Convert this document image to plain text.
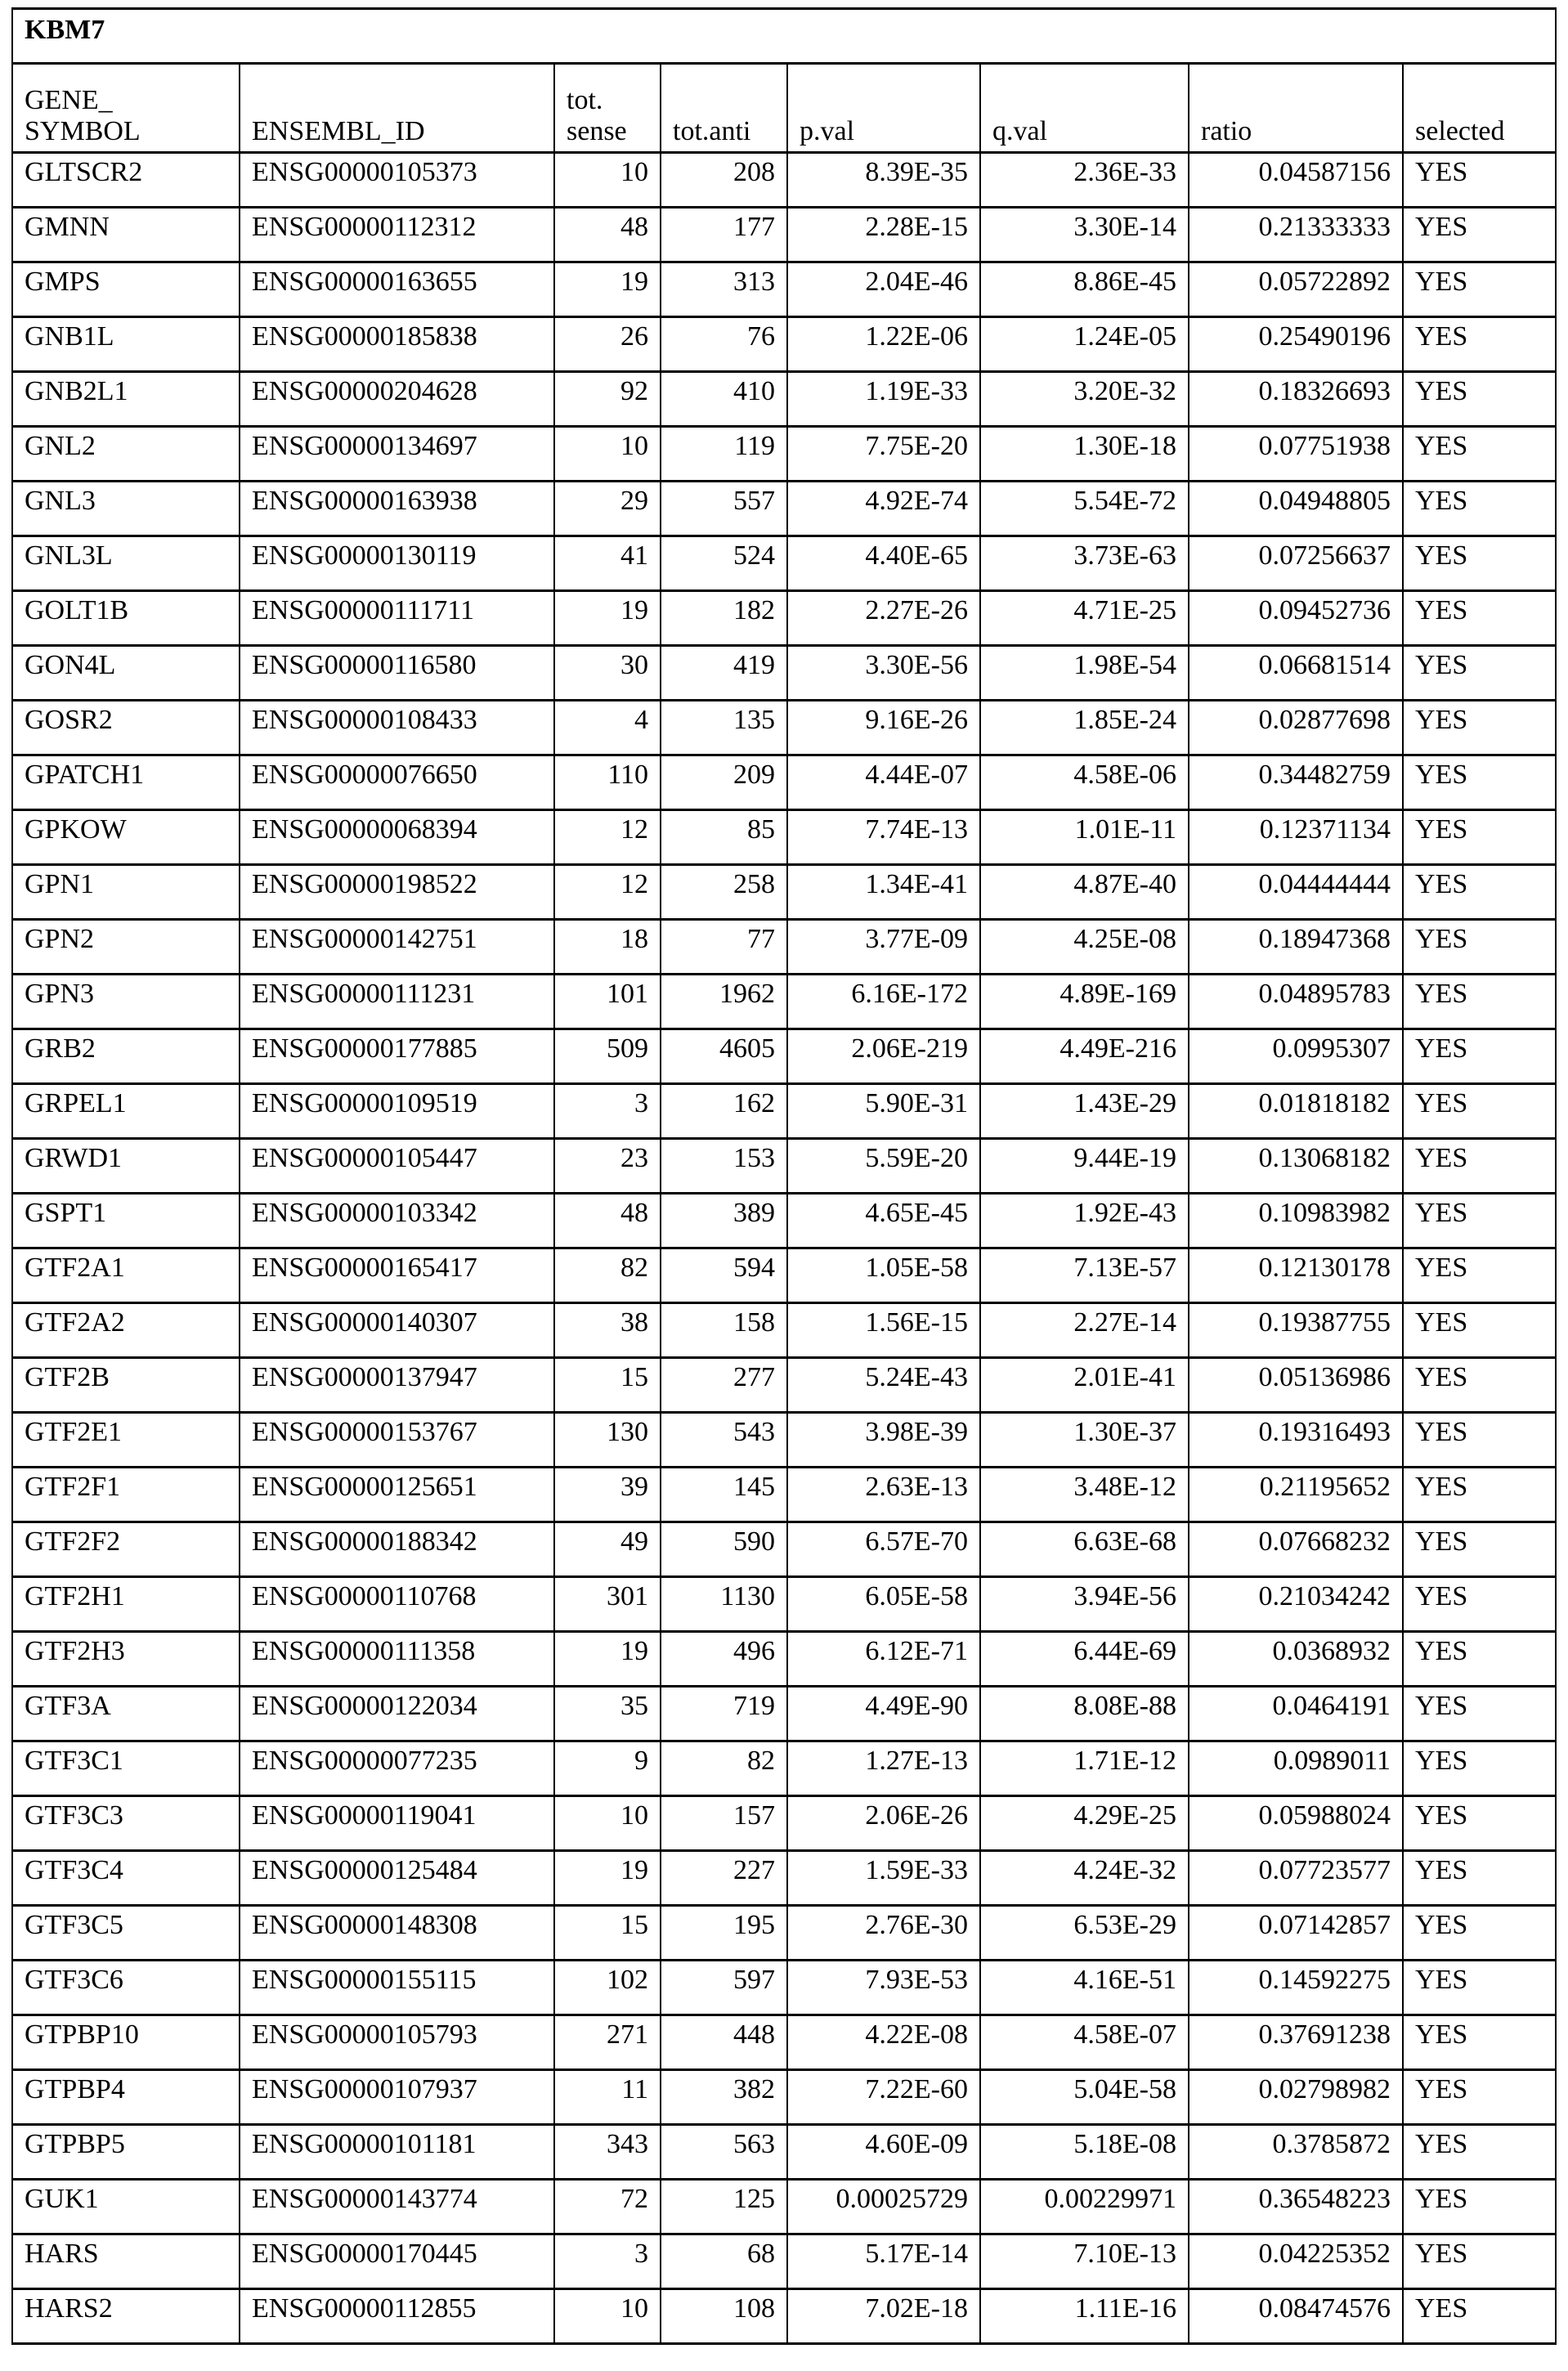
KBM7
GENE_ SYMBOL	ENSEMBL_ID	tot. sense	tot.anti	p.val	q.val	ratio	selected
GLTSCR2	ENSG00000105373	10	208	8.39E-35	2.36E-33	0.04587156	YES
GMNN	ENSG00000112312	48	177	2.28E-15	3.30E-14	0.21333333	YES
GMPS	ENSG00000163655	19	313	2.04E-46	8.86E-45	0.05722892	YES
GNB1L	ENSG00000185838	26	76	1.22E-06	1.24E-05	0.25490196	YES
GNB2L1	ENSG00000204628	92	410	1.19E-33	3.20E-32	0.18326693	YES
GNL2	ENSG00000134697	10	119	7.75E-20	1.30E-18	0.07751938	YES
GNL3	ENSG00000163938	29	557	4.92E-74	5.54E-72	0.04948805	YES
GNL3L	ENSG00000130119	41	524	4.40E-65	3.73E-63	0.07256637	YES
GOLT1B	ENSG00000111711	19	182	2.27E-26	4.71E-25	0.09452736	YES
GON4L	ENSG00000116580	30	419	3.30E-56	1.98E-54	0.06681514	YES
GOSR2	ENSG00000108433	4	135	9.16E-26	1.85E-24	0.02877698	YES
GPATCH1	ENSG00000076650	110	209	4.44E-07	4.58E-06	0.34482759	YES
GPKOW	ENSG00000068394	12	85	7.74E-13	1.01E-11	0.12371134	YES
GPN1	ENSG00000198522	12	258	1.34E-41	4.87E-40	0.04444444	YES
GPN2	ENSG00000142751	18	77	3.77E-09	4.25E-08	0.18947368	YES
GPN3	ENSG00000111231	101	1962	6.16E-172	4.89E-169	0.04895783	YES
GRB2	ENSG00000177885	509	4605	2.06E-219	4.49E-216	0.0995307	YES
GRPEL1	ENSG00000109519	3	162	5.90E-31	1.43E-29	0.01818182	YES
GRWD1	ENSG00000105447	23	153	5.59E-20	9.44E-19	0.13068182	YES
GSPT1	ENSG00000103342	48	389	4.65E-45	1.92E-43	0.10983982	YES
GTF2A1	ENSG00000165417	82	594	1.05E-58	7.13E-57	0.12130178	YES
GTF2A2	ENSG00000140307	38	158	1.56E-15	2.27E-14	0.19387755	YES
GTF2B	ENSG00000137947	15	277	5.24E-43	2.01E-41	0.05136986	YES
GTF2E1	ENSG00000153767	130	543	3.98E-39	1.30E-37	0.19316493	YES
GTF2F1	ENSG00000125651	39	145	2.63E-13	3.48E-12	0.21195652	YES
GTF2F2	ENSG00000188342	49	590	6.57E-70	6.63E-68	0.07668232	YES
GTF2H1	ENSG00000110768	301	1130	6.05E-58	3.94E-56	0.21034242	YES
GTF2H3	ENSG00000111358	19	496	6.12E-71	6.44E-69	0.0368932	YES
GTF3A	ENSG00000122034	35	719	4.49E-90	8.08E-88	0.0464191	YES
GTF3C1	ENSG00000077235	9	82	1.27E-13	1.71E-12	0.0989011	YES
GTF3C3	ENSG00000119041	10	157	2.06E-26	4.29E-25	0.05988024	YES
GTF3C4	ENSG00000125484	19	227	1.59E-33	4.24E-32	0.07723577	YES
GTF3C5	ENSG00000148308	15	195	2.76E-30	6.53E-29	0.07142857	YES
GTF3C6	ENSG00000155115	102	597	7.93E-53	4.16E-51	0.14592275	YES
GTPBP10	ENSG00000105793	271	448	4.22E-08	4.58E-07	0.37691238	YES
GTPBP4	ENSG00000107937	11	382	7.22E-60	5.04E-58	0.02798982	YES
GTPBP5	ENSG00000101181	343	563	4.60E-09	5.18E-08	0.3785872	YES
GUK1	ENSG00000143774	72	125	0.00025729	0.00229971	0.36548223	YES
HARS	ENSG00000170445	3	68	5.17E-14	7.10E-13	0.04225352	YES
HARS2	ENSG00000112855	10	108	7.02E-18	1.11E-16	0.08474576	YES
